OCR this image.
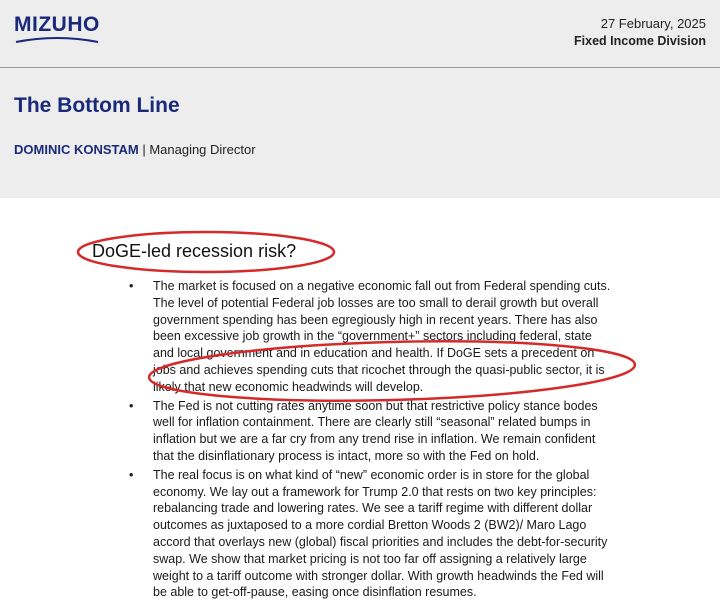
MIZUHO	27 February, 2025
Fixed Income Division
The Bottom Line
DOMINIC KONSTAM | Managing Director
DoGE-led recession risk?
• The market is focused on a negative economic fall out from Federal spending cuts. The level of potential Federal job losses are too small to derail growth but overall government spending has been egregiously high in recent years. There has also been excessive job growth in the “government+” sectors including federal, state and local government and in education and health. If DoGE sets a precedent on jobs and achieves spending cuts that ricochet through the quasi-public sector, it is likely that new economic headwinds will develop.
• The Fed is not cutting rates anytime soon but that restrictive policy stance bodes well for inflation containment. There are clearly still “seasonal” related bumps in inflation but we are a far cry from any trend rise in inflation. We remain confident that the disinflationary process is intact, more so with the Fed on hold.
• The real focus is on what kind of “new” economic order is in store for the global economy. We lay out a framework for Trump 2.0 that rests on two key principles: rebalancing trade and lowering rates. We see a tariff regime with different dollar outcomes as juxtaposed to a more cordial Bretton Woods 2 (BW2)/ Maro Lago accord that overlays new (global) fiscal priorities and includes the debt-for-security swap. We show that market pricing is not too far off assigning a relatively large weight to a tariff outcome with stronger dollar. With growth headwinds the Fed will be able to get-off-pause, easing once disinflation resumes.
